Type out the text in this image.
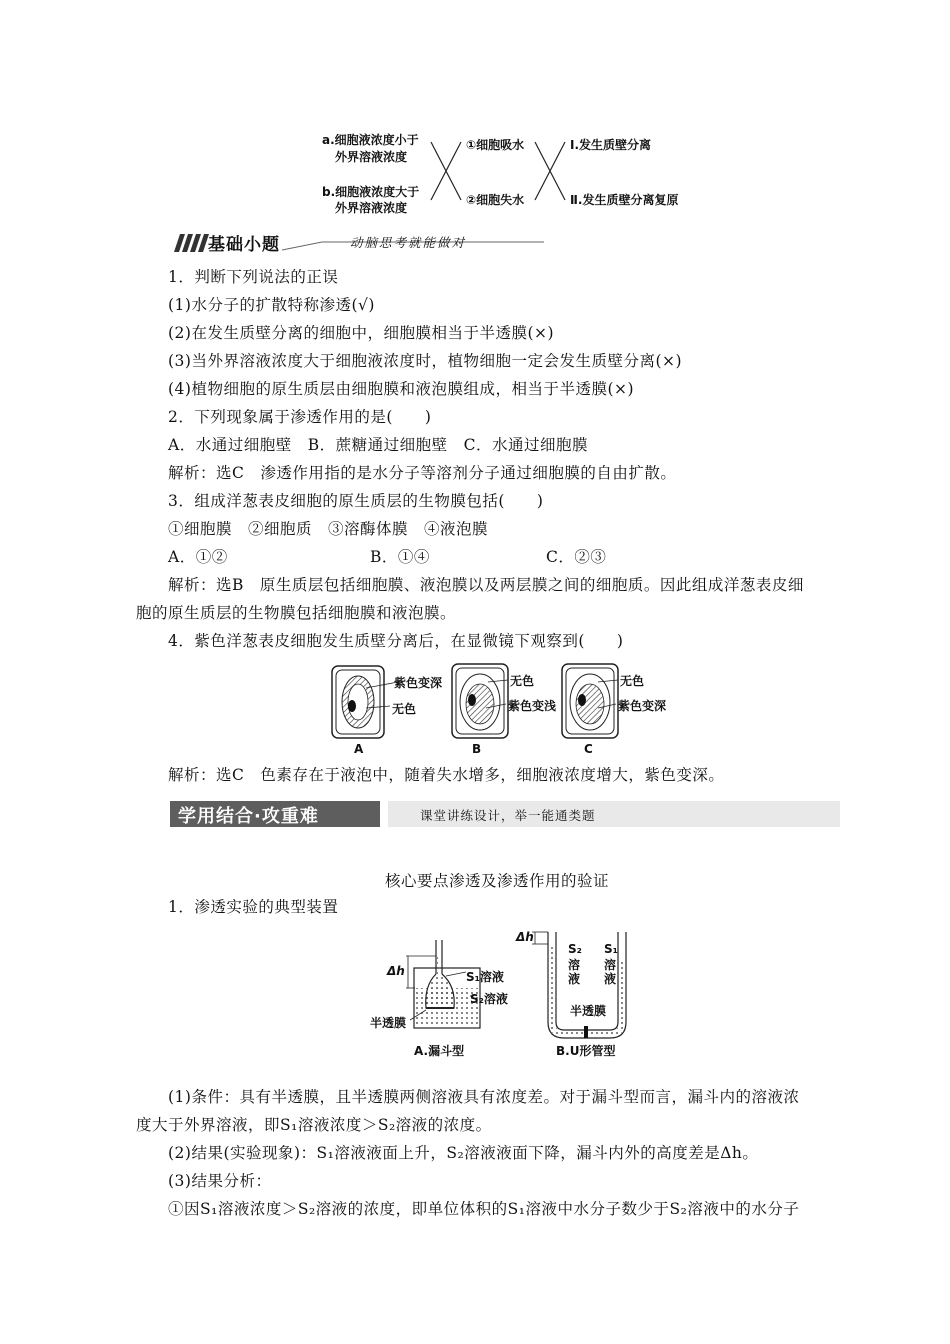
a.细胞液浓度小于
外界溶液浓度
b.细胞液浓度大于
外界溶液浓度
①细胞吸水
②细胞失水
Ⅰ.发生质壁分离
Ⅱ.发生质壁分离复原
基础小题	动脑思考就能做对
1．判断下列说法的正误
(1)水分子的扩散特称渗透(√)
(2)在发生质壁分离的细胞中，细胞膜相当于半透膜(×)
(3)当外界溶液浓度大于细胞液浓度时，植物细胞一定会发生质壁分离(×)
(4)植物细胞的原生质层由细胞膜和液泡膜组成，相当于半透膜(×)
2．下列现象属于渗透作用的是(　　)
A．水通过细胞壁　B．蔗糖通过细胞壁　C．水通过细胞膜
解析：选C　渗透作用指的是水分子等溶剂分子通过细胞膜的自由扩散。
3．组成洋葱表皮细胞的原生质层的生物膜包括(　　)
①细胞膜　②细胞质　③溶酶体膜　④液泡膜
A．①②	B．①④	C．②③
解析：选B　原生质层包括细胞膜、液泡膜以及两层膜之间的细胞质。因此组成洋葱表皮细
胞的原生质层的生物膜包括细胞膜和液泡膜。
4．紫色洋葱表皮细胞发生质壁分离后，在显微镜下观察到(　　)
紫色变深
无色
无色
紫色变浅
无色
紫色变深
A	B	C
解析：选C　色素存在于液泡中，随着失水增多，细胞液浓度增大，紫色变深。
学用结合·攻重难	课堂讲练设计，举一能通类题
核心要点渗透及渗透作用的验证
1．渗透实验的典型装置
Δh	S₁溶液
S₂溶液
半透膜
A.漏斗型
Δh
S₂
溶
液
S₁
溶
液
半透膜
B.U形管型
(1)条件：具有半透膜，且半透膜两侧溶液具有浓度差。对于漏斗型而言，漏斗内的溶液浓
度大于外界溶液，即S₁溶液浓度＞S₂溶液的浓度。
(2)结果(实验现象)：S₁溶液液面上升，S₂溶液液面下降，漏斗内外的高度差是Δh。
(3)结果分析：
①因S₁溶液浓度＞S₂溶液的浓度，即单位体积的S₁溶液中水分子数少于S₂溶液中的水分子
